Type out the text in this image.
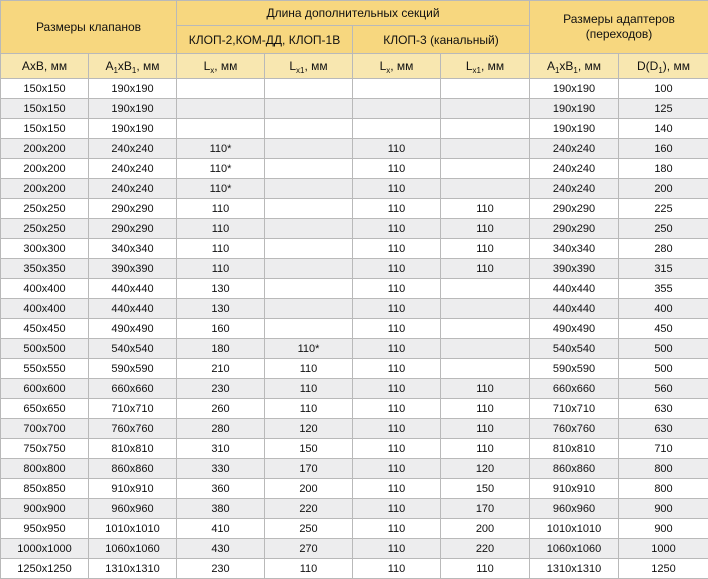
Размеры клапанов		Длина дополнительных секций				Размеры адаптеров
(переходов)	
		КЛОП-2,КОМ-ДД, КЛОП-1В		КЛОП-3 (канальный)			
АхВ, мм	$А_1хВ_1$, мм	$L_x$, мм	$L_{x1}$, мм	$L_x$, мм	$L_{x1}$, мм	$А_1хВ_1$, мм	$D(D_1)$, мм
150x150	190x190					190x190	100
150x150	190x190					190x190	125
150x150	190x190					190x190	140
200x200	240x240	110*		110		240x240	160
200x200	240x240	110*		110		240x240	180
200x200	240x240	110*		110		240x240	200
250x250	290x290	110		110	110	290x290	225
250x250	290x290	110		110	110	290x290	250
300x300	340x340	110		110	110	340x340	280
350x350	390x390	110		110	110	390x390	315
400x400	440x440	130		110		440x440	355
400x400	440x440	130		110		440x440	400
450x450	490x490	160		110		490x490	450
500x500	540x540	180	110*	110		540x540	500
550x550	590x590	210	110	110		590x590	500
600x600	660x660	230	110	110	110	660x660	560
650x650	710x710	260	110	110	110	710x710	630
700x700	760x760	280	120	110	110	760x760	630
750x750	810x810	310	150	110	110	810x810	710
800x800	860x860	330	170	110	120	860x860	800
850x850	910x910	360	200	110	150	910x910	800
900x900	960x960	380	220	110	170	960x960	900
950x950	1010x1010	410	250	110	200	1010x1010	900
1000x1000	1060x1060	430	270	110	220	1060x1060	1000
1250x1250	1310x1310	230	110	110	110	1310x1310	1250
